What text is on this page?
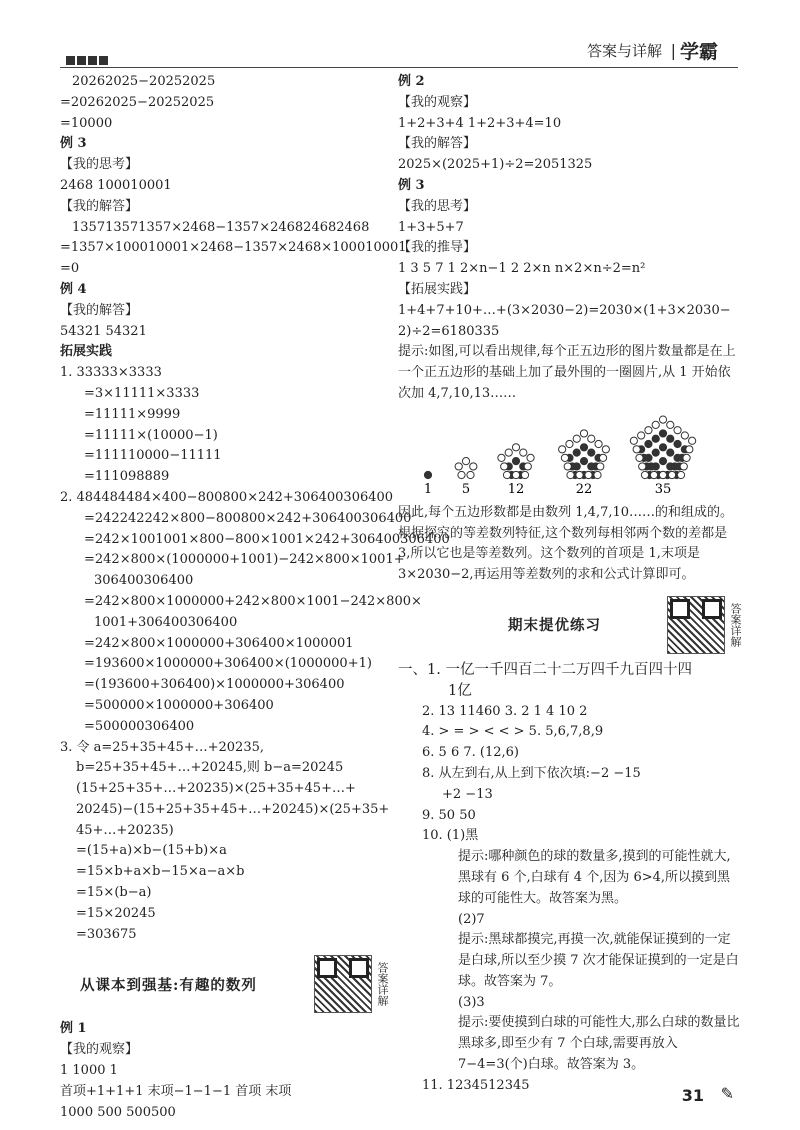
答案与详解 | 学霸
20262025−20252025
=20262025−20252025
=10000
例 3
【我的思考】
2468 100010001
【我的解答】
135713571357×2468−1357×246824682468
=1357×100010001×2468−1357×2468×100010001
=0
例 4
【我的解答】
54321 54321
拓展实践
1. 33333×3333
=3×11111×3333
=11111×9999
=11111×(10000−1)
=111110000−11111
=111098889
2. 484484484×400−800800×242+306400306400
=242242242×800−800800×242+306400306400
=242×1001001×800−800×1001×242+306400306400
=242×800×(1000000+1001)−242×800×1001+
306400306400
=242×800×1000000+242×800×1001−242×800×
1001+306400306400
=242×800×1000000+306400×1000001
=193600×1000000+306400×(1000000+1)
=(193600+306400)×1000000+306400
=500000×1000000+306400
=500000306400
3. 令 a=25+35+45+…+20235,
b=25+35+45+…+20245,则 b−a=20245
(15+25+35+…+20235)×(25+35+45+…+
20245)−(15+25+35+45+…+20245)×(25+35+
45+…+20235)
=(15+a)×b−(15+b)×a
=15×b+a×b−15×a−a×b
=15×(b−a)
=15×20245
=303675
从课本到强基:有趣的数列	答案详解
例 1
【我的观察】
1 1000 1
首项+1+1+1 末项−1−1−1 首项 末项
1000 500 500500
例 2
【我的观察】
1+2+3+4 1+2+3+4=10
【我的解答】
2025×(2025+1)÷2=2051325
例 3
【我的思考】
1+3+5+7
【我的推导】
1 3 5 7 1 2×n−1 2 2×n n×2×n÷2=n²
【拓展实践】
1+4+7+10+…+(3×2030−2)=2030×(1+3×2030−
2)÷2=6180335
提示:如图,可以看出规律,每个正五边形的图片数量都是在上一个正五边形的基础上加了最外围的一圈圆片,从 1 开始依次加 4,7,10,13……
1 5	12	22	35
因此,每个五边形数都是由数列 1,4,7,10……的和组成的。根据探究的等差数列特征,这个数列每相邻两个数的差都是 3,所以它也是等差数列。这个数列的首项是 1,末项是 3×2030−2,再运用等差数列的求和公式计算即可。
期末提优练习	答案详解
一、1. 一亿一千四百二十二万四千九百四十四
1亿
2. 13 11460 3. 2 1 4 10 2
4. > = > < < > 5. 5,6,7,8,9
6. 5 6 7. (12,6)
8. 从左到右,从上到下依次填:−2 −15
+2 −13
9. 50 50
10. (1)黑
提示:哪种颜色的球的数量多,摸到的可能性就大,黑球有 6 个,白球有 4 个,因为 6>4,所以摸到黑球的可能性大。故答案为黑。
(2)7
提示:黑球都摸完,再摸一次,就能保证摸到的一定是白球,所以至少摸 7 次才能保证摸到的一定是白球。故答案为 7。
(3)3
提示:要使摸到白球的可能性大,那么白球的数量比黑球多,即至少有 7 个白球,需要再放入 7−4=3(个)白球。故答案为 3。
11. 1234512345
31 ✎
